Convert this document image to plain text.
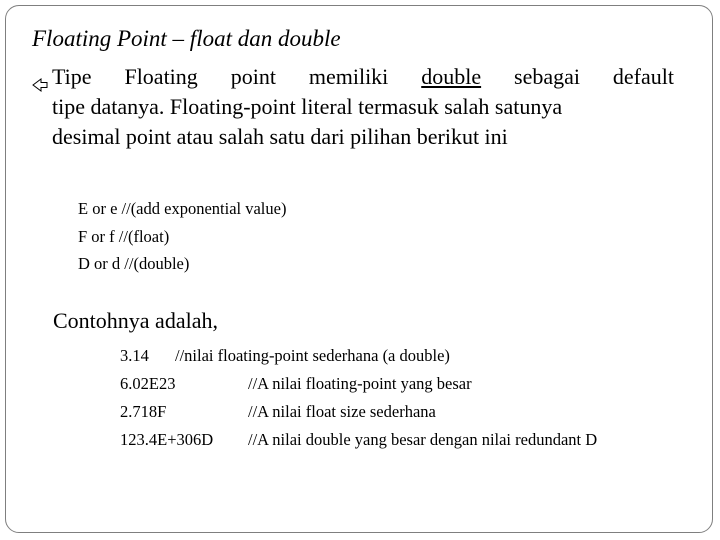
Floating Point – float dan double
Tipe Floating point memiliki double sebagai default
tipe datanya. Floating-point literal termasuk salah satunya
desimal point atau salah satu dari pilihan berikut ini
E or e //(add exponential value)
F or f //(float)
D or d //(double)
Contohnya adalah,
3.14 //nilai floating-point sederhana (a double)
6.02E23	//A nilai floating-point yang besar
2.718F	//A nilai float size sederhana
123.4E+306D //A nilai double yang besar dengan nilai redundant D
